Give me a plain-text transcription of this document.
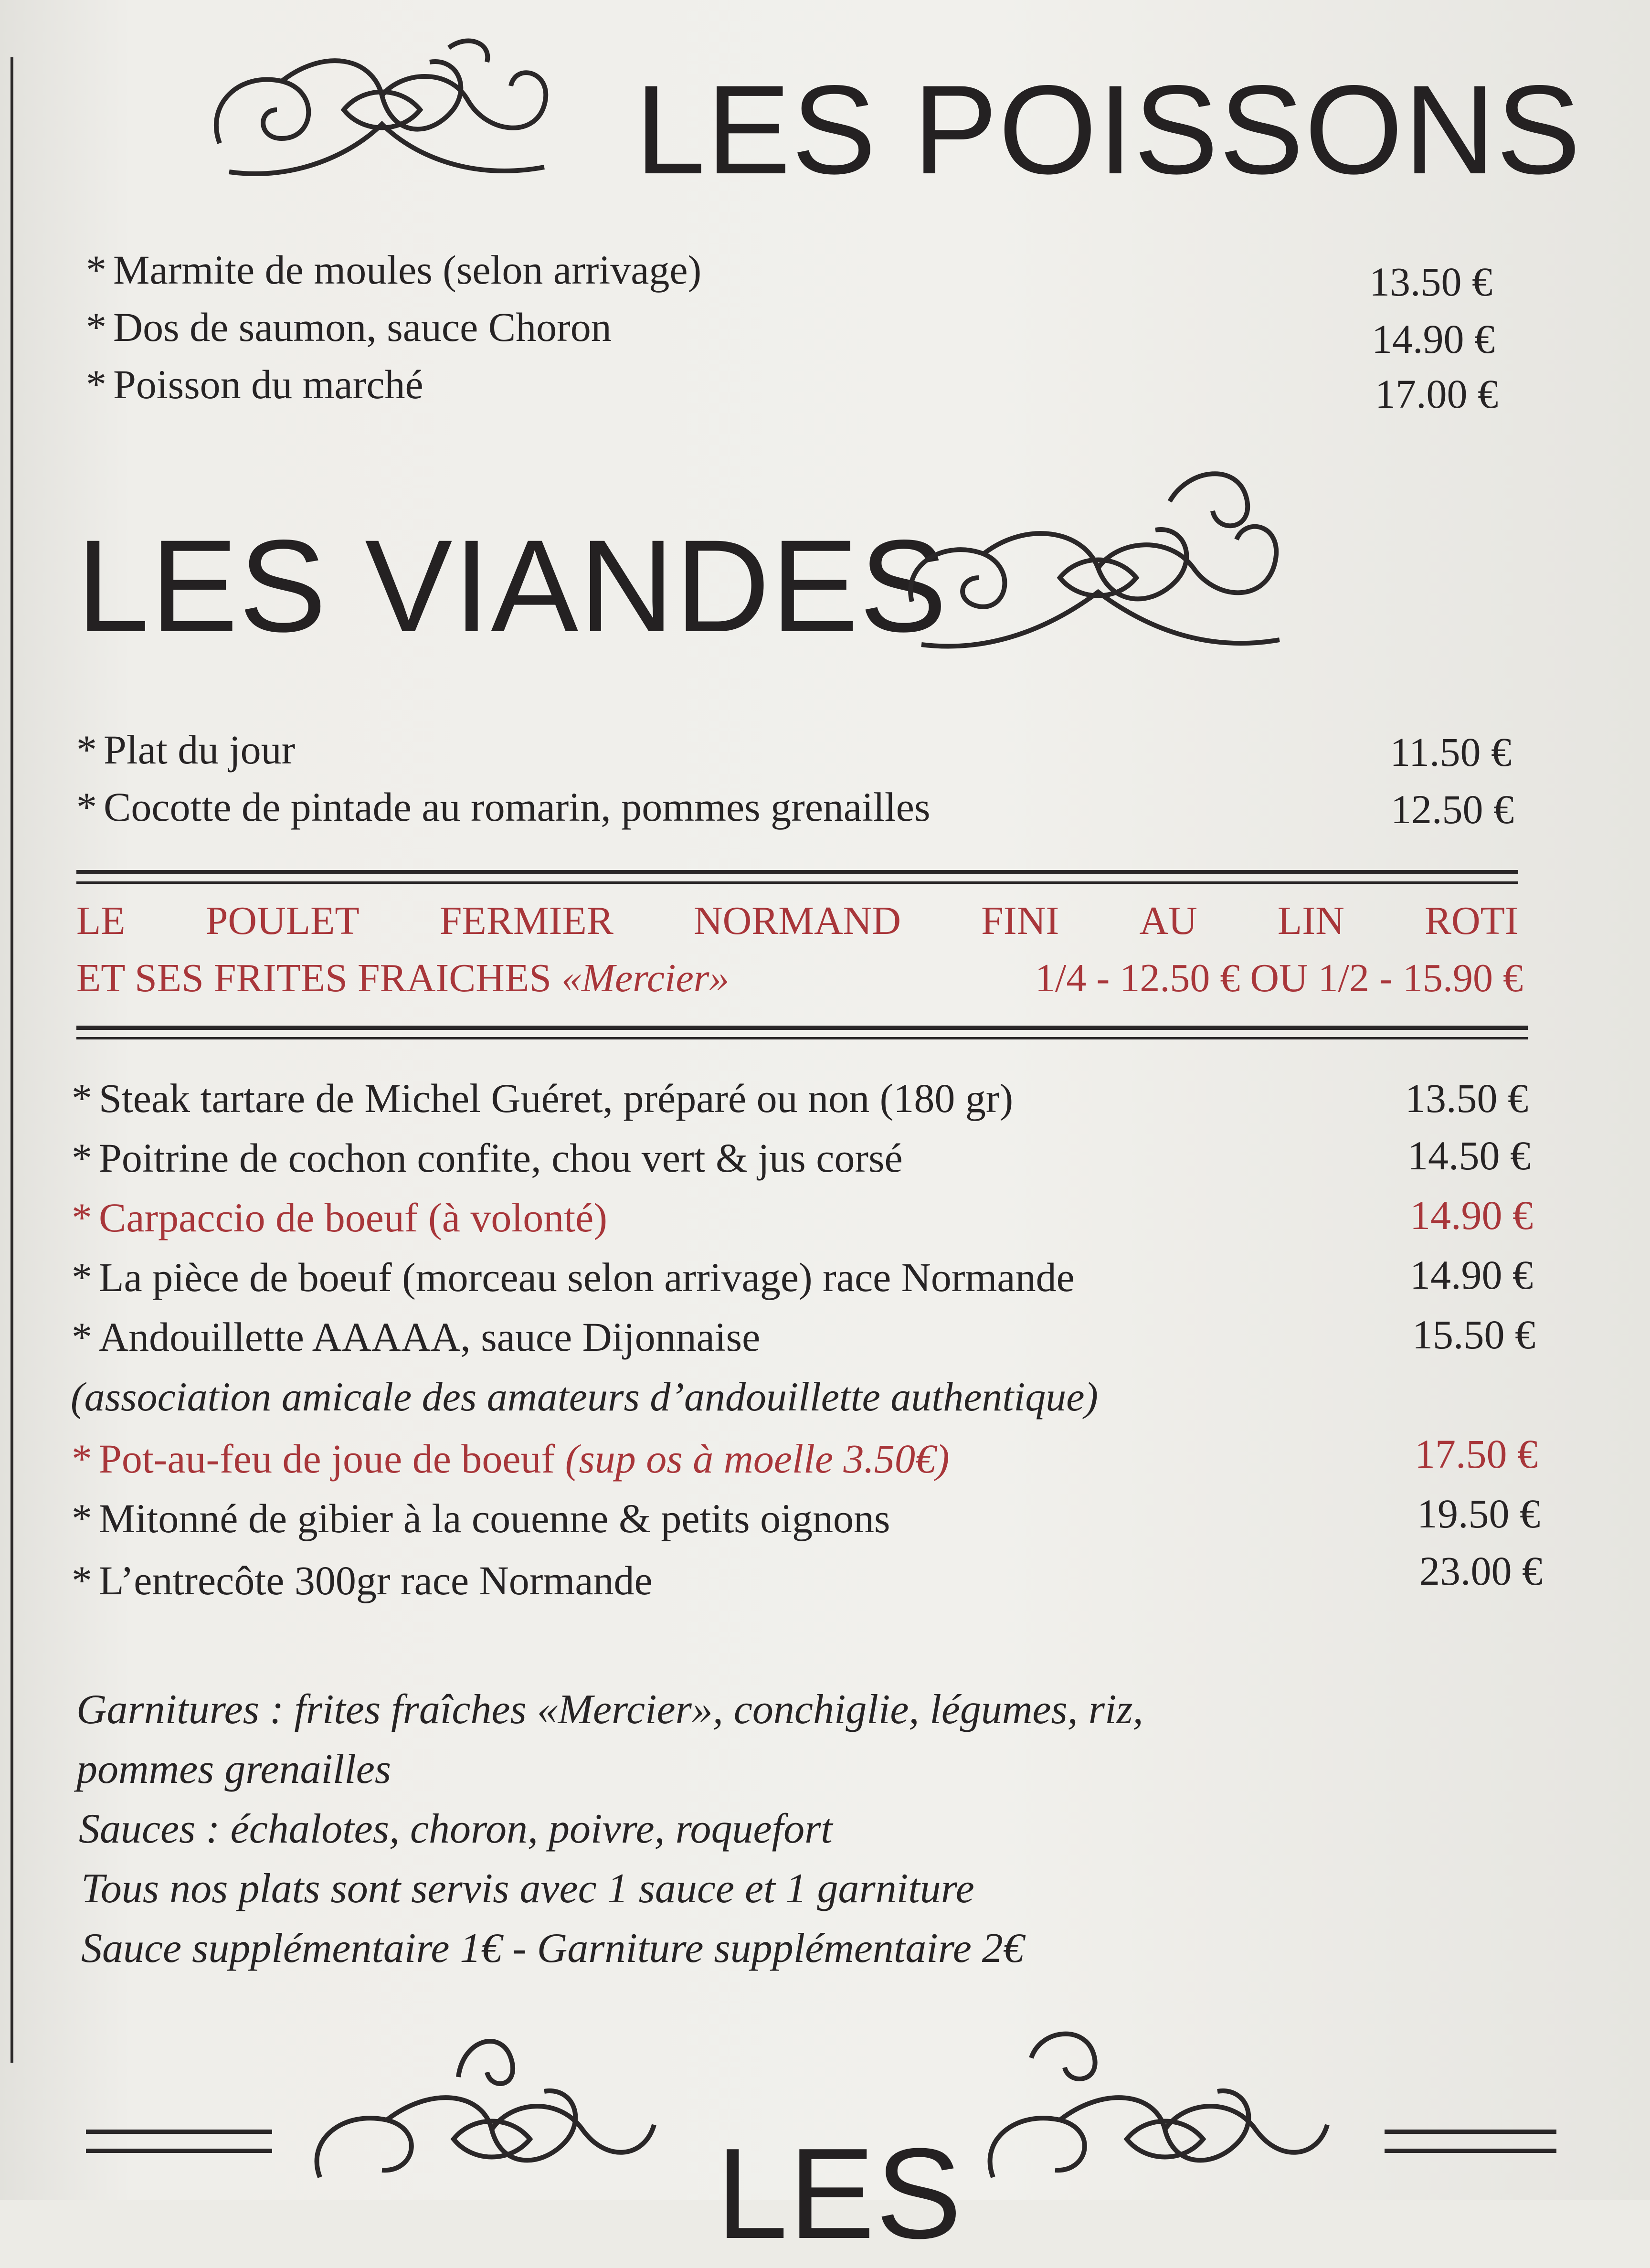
LES POISSONS
* Marmite de moules (selon arrivage)	13.50 €
* Dos de saumon, sauce Choron	14.90 €
* Poisson du marché	17.00 €
LES VIANDES
* Plat du jour	11.50 €
* Cocotte de pintade au romarin, pommes grenailles	12.50 €
LE POULET FERMIER NORMAND FINI AU LIN ROTI
ET SES FRITES FRAICHES «Mercier»	1/4 - 12.50 € OU 1/2 - 15.90 €
* Steak tartare de Michel Guéret, préparé ou non (180 gr)	13.50 €
* Poitrine de cochon confite, chou vert & jus corsé	14.50 €
* Carpaccio de boeuf (à volonté)	14.90 €
* La pièce de boeuf (morceau selon arrivage) race Normande	14.90 €
* Andouillette AAAAA, sauce Dijonnaise	15.50 €
(association amicale des amateurs d’andouillette authentique)
* Pot-au-feu de joue de boeuf (sup os à moelle 3.50€)	17.50 €
* Mitonné de gibier à la couenne & petits oignons	19.50 €
* L’entrecôte 300gr race Normande	23.00 €
Garnitures : frites fraîches «Mercier», conchiglie, légumes, riz,
pommes grenailles
Sauces : échalotes, choron, poivre, roquefort
Tous nos plats sont servis avec 1 sauce et 1 garniture
Sauce supplémentaire 1€ - Garniture supplémentaire 2€
LES
